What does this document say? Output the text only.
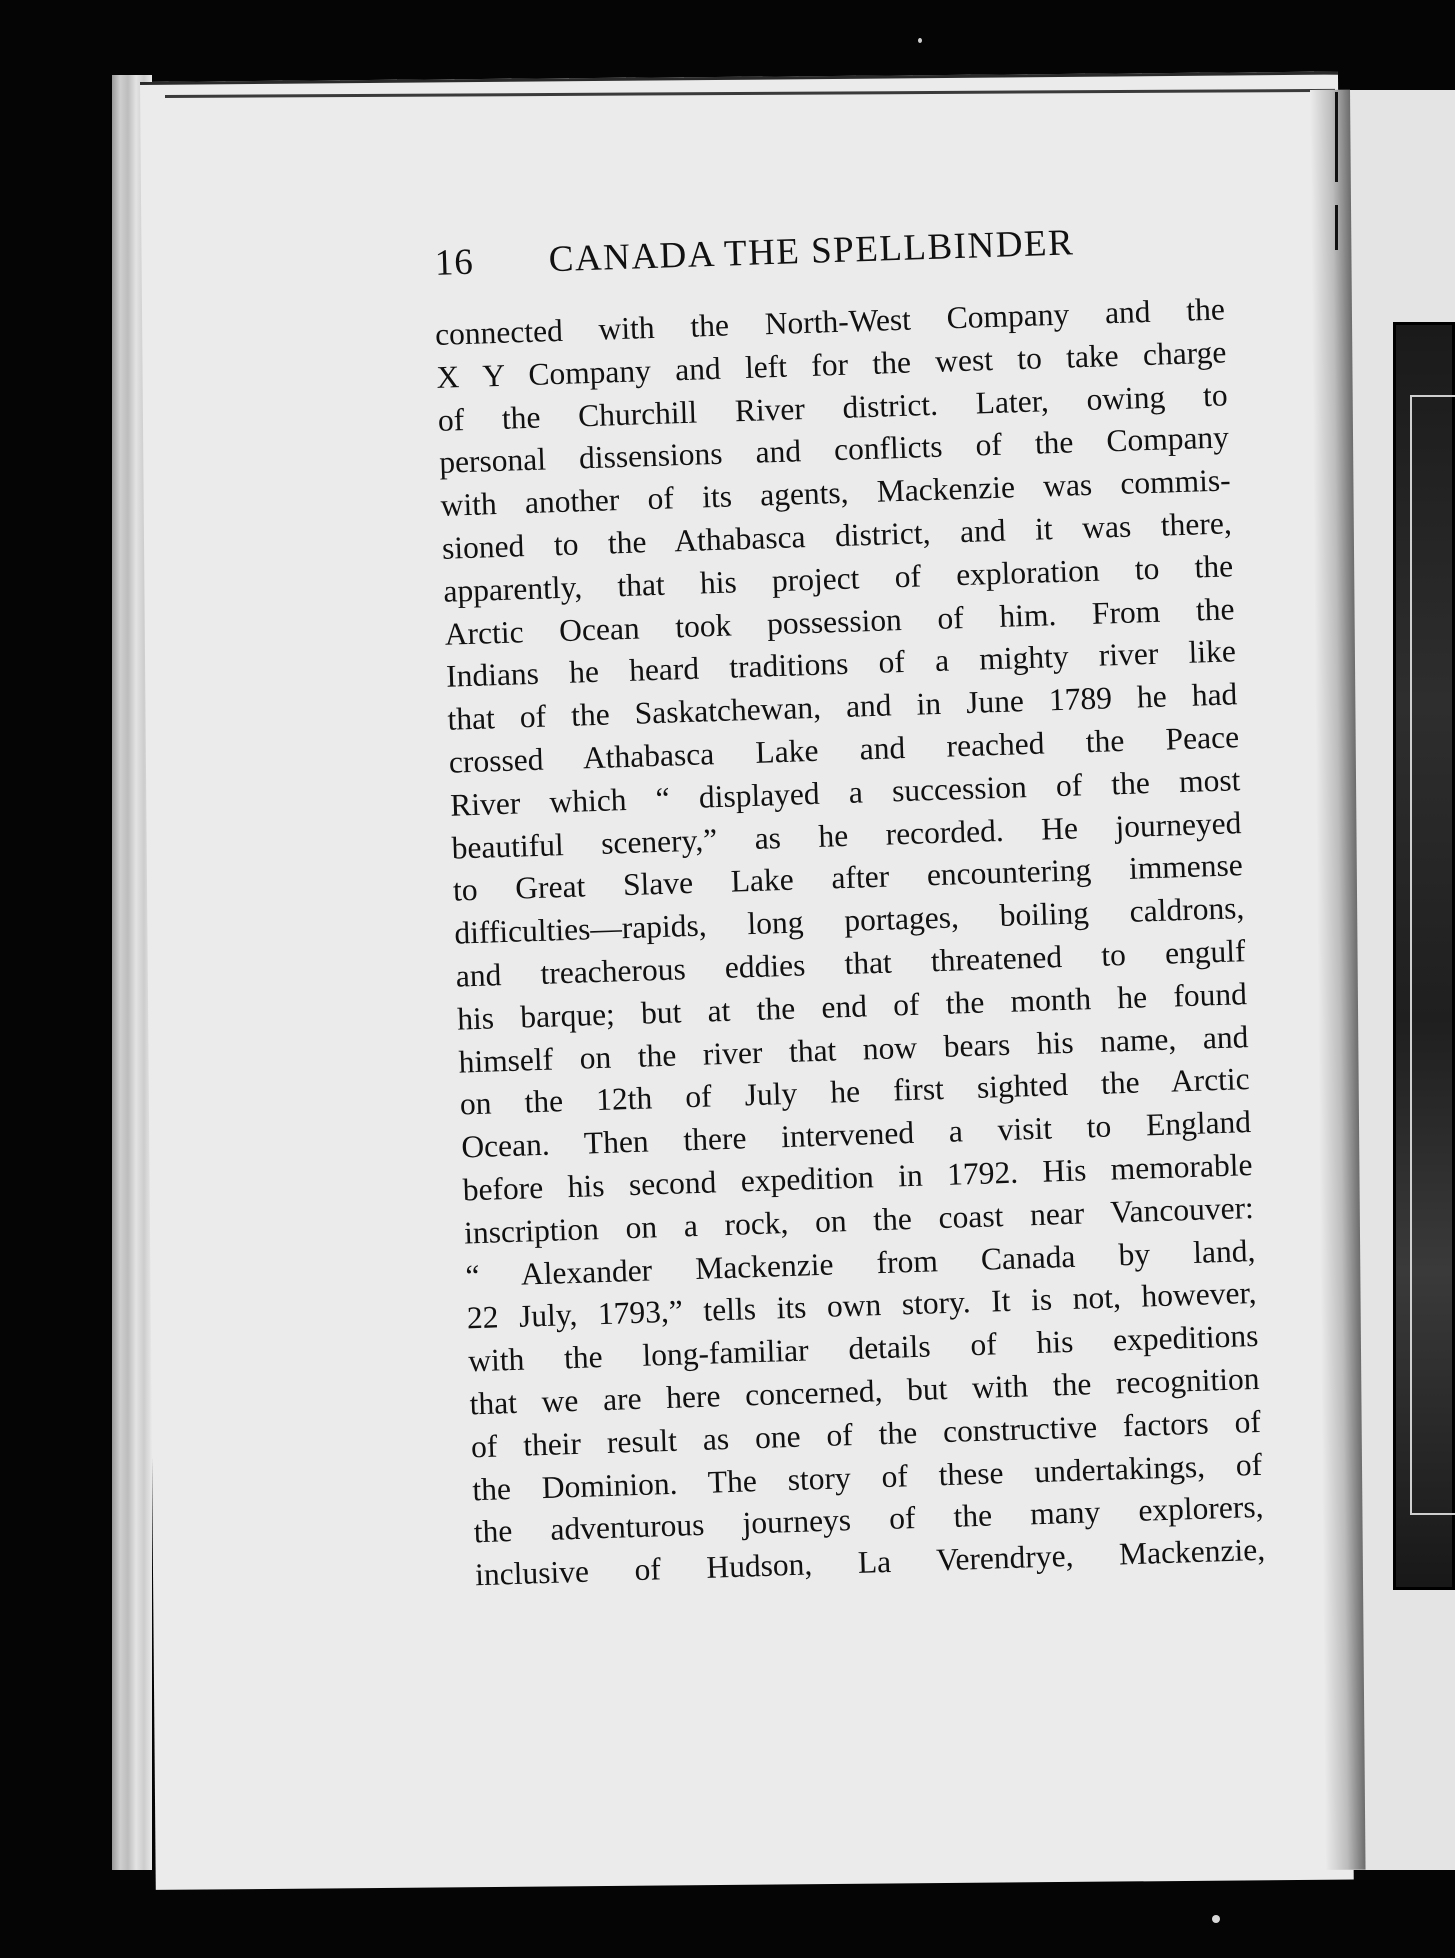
16 CANADA THE SPELLBINDER
connected with the North-West Company and the
X Y Company and left for the west to take charge
of the Churchill River district. Later, owing to
personal dissensions and conflicts of the Company
with another of its agents, Mackenzie was commis-
sioned to the Athabasca district, and it was there,
apparently, that his project of exploration to the
Arctic Ocean took possession of him. From the
Indians he heard traditions of a mighty river like
that of the Saskatchewan, and in June 1789 he had
crossed Athabasca Lake and reached the Peace
River which “ displayed a succession of the most
beautiful scenery,” as he recorded. He journeyed
to Great Slave Lake after encountering immense
difficulties—rapids, long portages, boiling caldrons,
and treacherous eddies that threatened to engulf
his barque; but at the end of the month he found
himself on the river that now bears his name, and
on the 12th of July he first sighted the Arctic
Ocean. Then there intervened a visit to England
before his second expedition in 1792. His memorable
inscription on a rock, on the coast near Vancouver:
“ Alexander Mackenzie from Canada by land,
22 July, 1793,” tells its own story. It is not, however,
with the long-familiar details of his expeditions
that we are here concerned, but with the recognition
of their result as one of the constructive factors of
the Dominion. The story of these undertakings, of
the adventurous journeys of the many explorers,
inclusive of Hudson, La Verendrye, Mackenzie,
